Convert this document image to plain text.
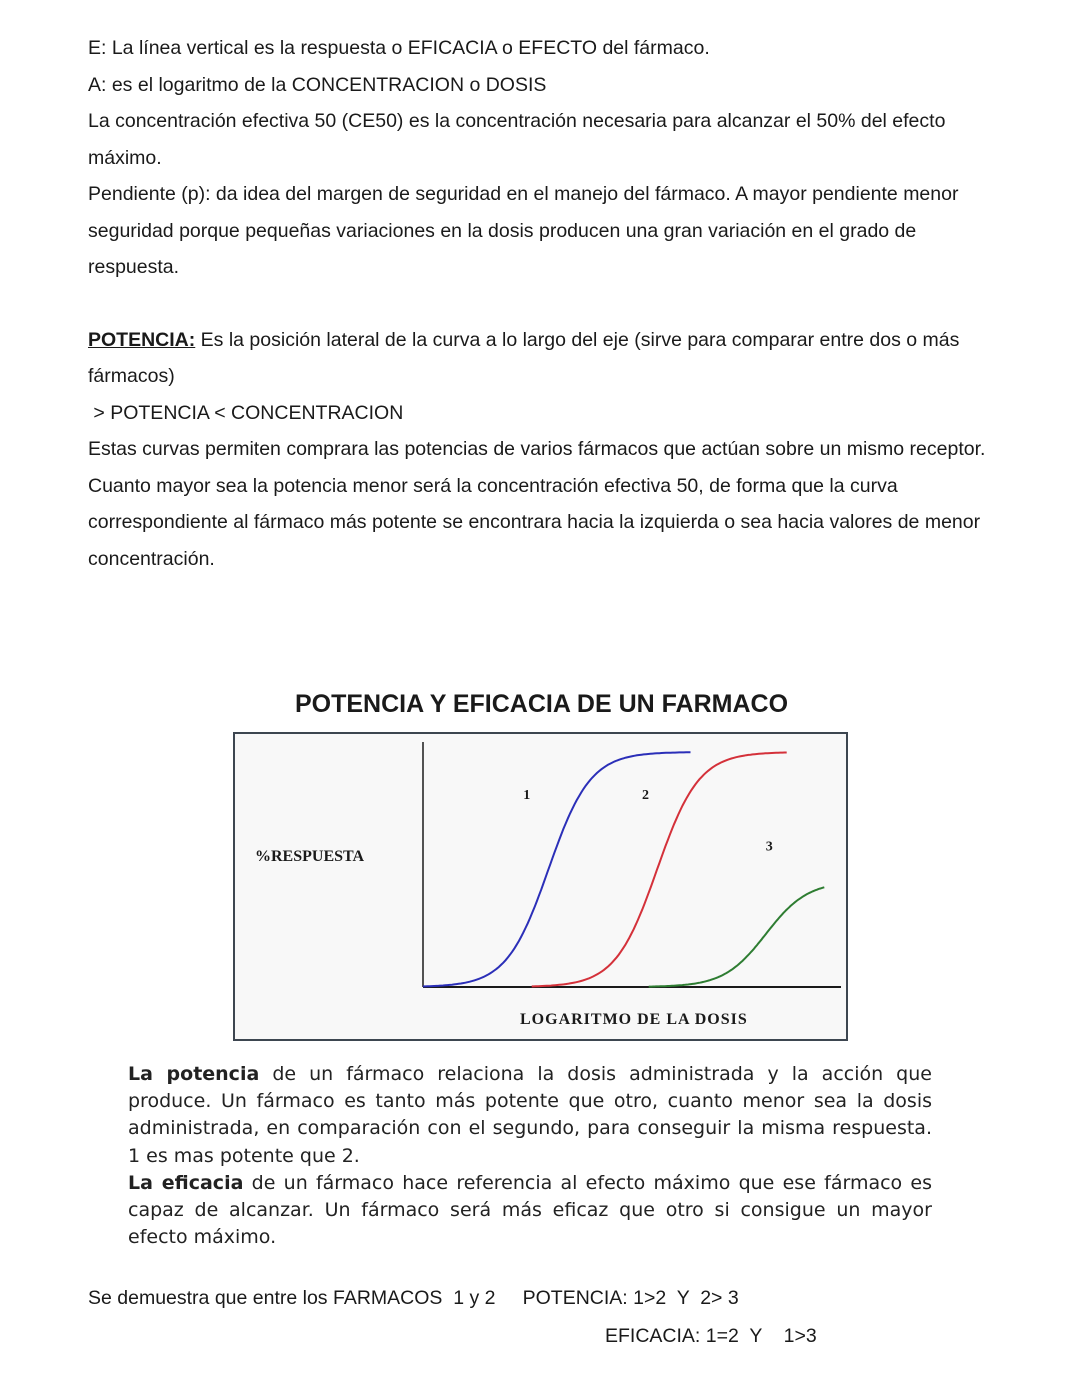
E: La línea vertical es la respuesta o EFICACIA o EFECTO del fármaco.

A: es el logaritmo de la CONCENTRACION o DOSIS

La concentración efectiva 50 (CE50) es la concentración necesaria para alcanzar el 50% del efecto máximo.

Pendiente (p): da idea del margen de seguridad en el manejo del fármaco. A mayor pendiente menor seguridad porque pequeñas variaciones en la dosis producen una gran variación en el grado de respuesta.

POTENCIA: Es la posición lateral de la curva a lo largo del eje (sirve para comparar entre dos o más fármacos)

> POTENCIA < CONCENTRACION

Estas curvas permiten comprara las potencias de varios fármacos que actúan sobre un mismo receptor. Cuanto mayor sea la potencia menor será la concentración efectiva 50, de forma que la curva correspondiente al fármaco más potente se encontrara hacia la izquierda o sea hacia valores de menor concentración.

POTENCIA Y EFICACIA DE UN FARMACO
%RESPUESTA
LOGARITMO DE LA DOSIS
1	2
3

La potencia de un fármaco relaciona la dosis administrada y la acción que produce. Un fármaco es tanto más potente que otro, cuanto menor sea la dosis administrada, en comparación con el segundo, para conseguir la misma respuesta. 1 es mas potente que 2.

La eficacia de un fármaco hace referencia al efecto máximo que ese fármaco es capaz de alcanzar. Un fármaco será más eficaz que otro si consigue un mayor efecto máximo.

Se demuestra que entre los FARMACOS  1 y 2 POTENCIA: 1>2  Y  2> 3
EFICACIA: 1=2  Y    1>3
